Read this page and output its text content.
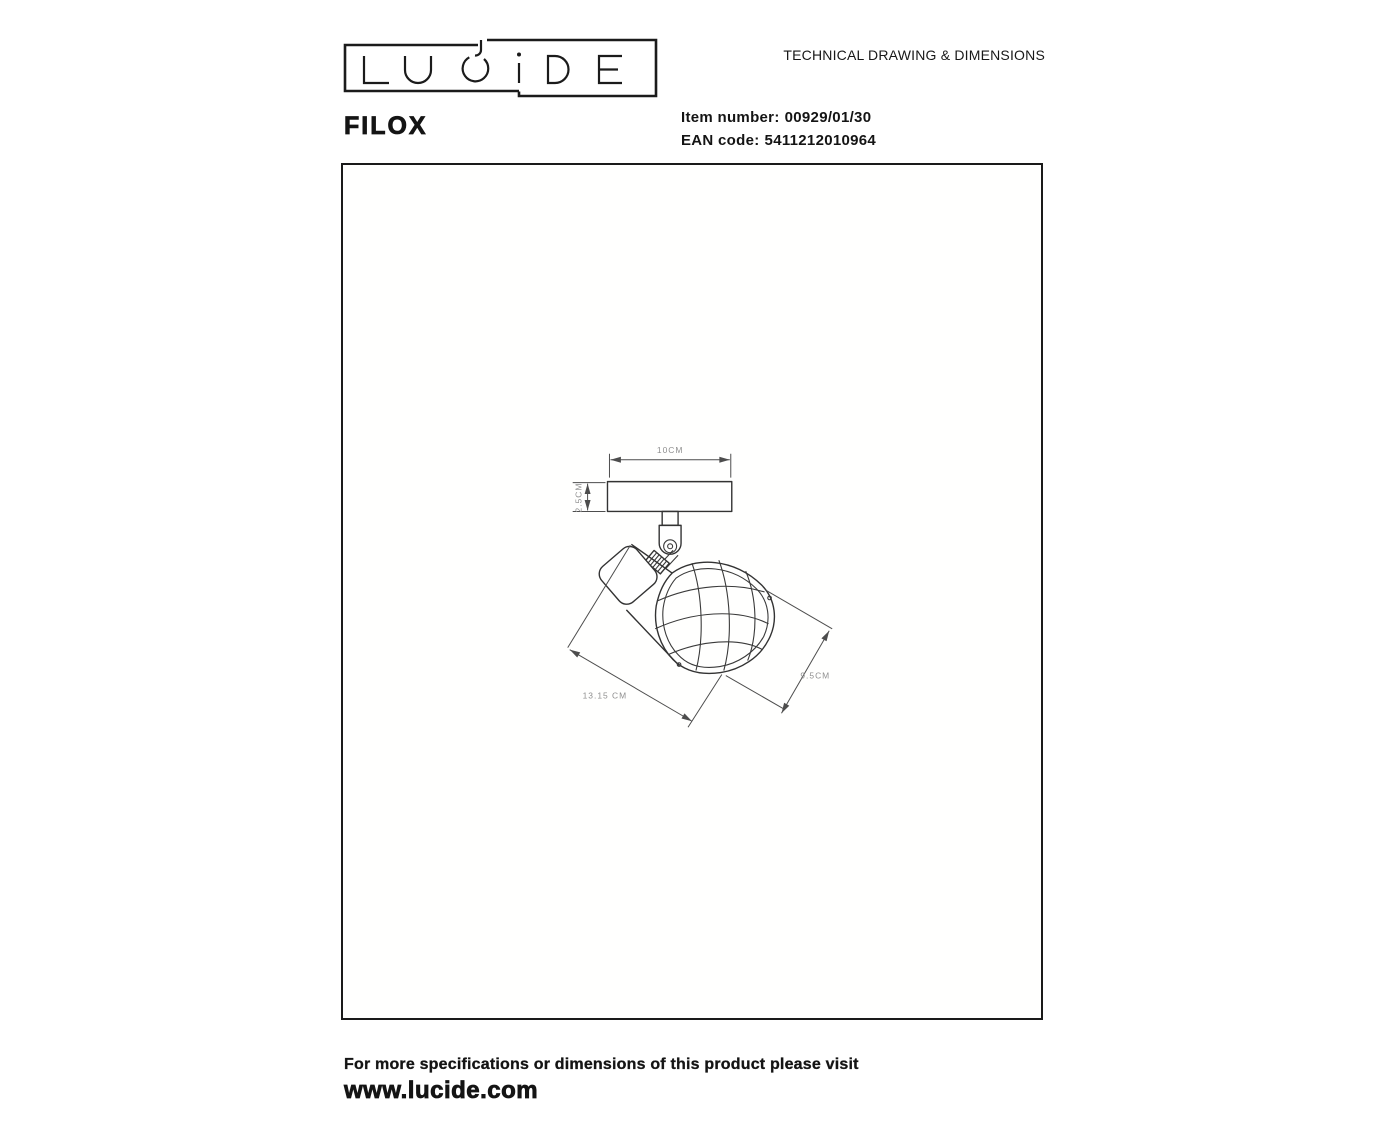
TECHNICAL DRAWING & DIMENSIONS
FILOX	Item number: 00929/01/30
EAN code: 5411212010964
10CM
2.5CM
13.15 CM
9.5CM
For more specifications or dimensions of this product please visit
www.lucide.com
